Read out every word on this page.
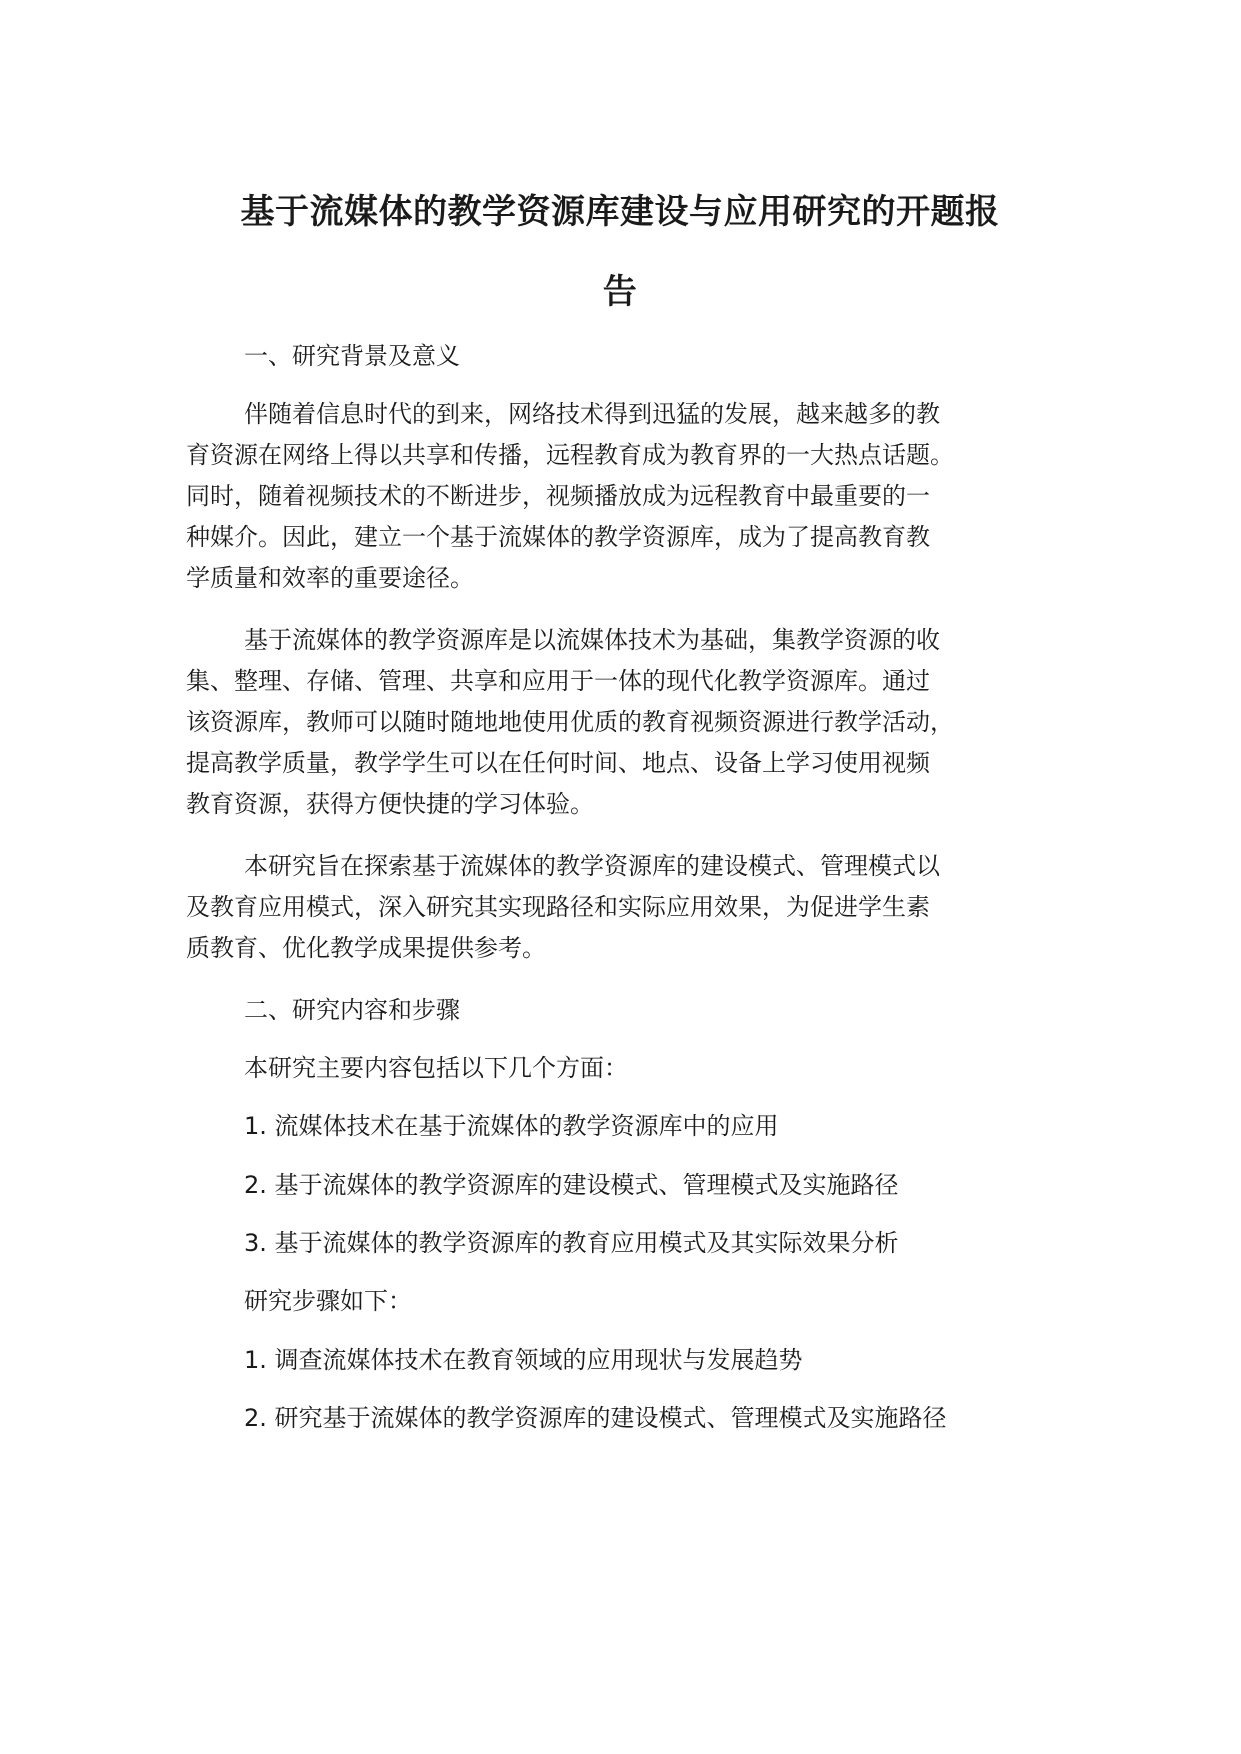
基于流媒体的教学资源库建设与应用研究的开题报
告
一、研究背景及意义
伴随着信息时代的到来，网络技术得到迅猛的发展，越来越多的教
育资源在网络上得以共享和传播，远程教育成为教育界的一大热点话题。
同时，随着视频技术的不断进步，视频播放成为远程教育中最重要的一
种媒介。因此，建立一个基于流媒体的教学资源库，成为了提高教育教
学质量和效率的重要途径。
基于流媒体的教学资源库是以流媒体技术为基础，集教学资源的收
集、整理、存储、管理、共享和应用于一体的现代化教学资源库。通过
该资源库，教师可以随时随地地使用优质的教育视频资源进行教学活动，
提高教学质量，教学学生可以在任何时间、地点、设备上学习使用视频
教育资源，获得方便快捷的学习体验。
本研究旨在探索基于流媒体的教学资源库的建设模式、管理模式以
及教育应用模式，深入研究其实现路径和实际应用效果，为促进学生素
质教育、优化教学成果提供参考。
二、研究内容和步骤
本研究主要内容包括以下几个方面：
1. 流媒体技术在基于流媒体的教学资源库中的应用
2. 基于流媒体的教学资源库的建设模式、管理模式及实施路径
3. 基于流媒体的教学资源库的教育应用模式及其实际效果分析
研究步骤如下：
1. 调查流媒体技术在教育领域的应用现状与发展趋势
2. 研究基于流媒体的教学资源库的建设模式、管理模式及实施路径
